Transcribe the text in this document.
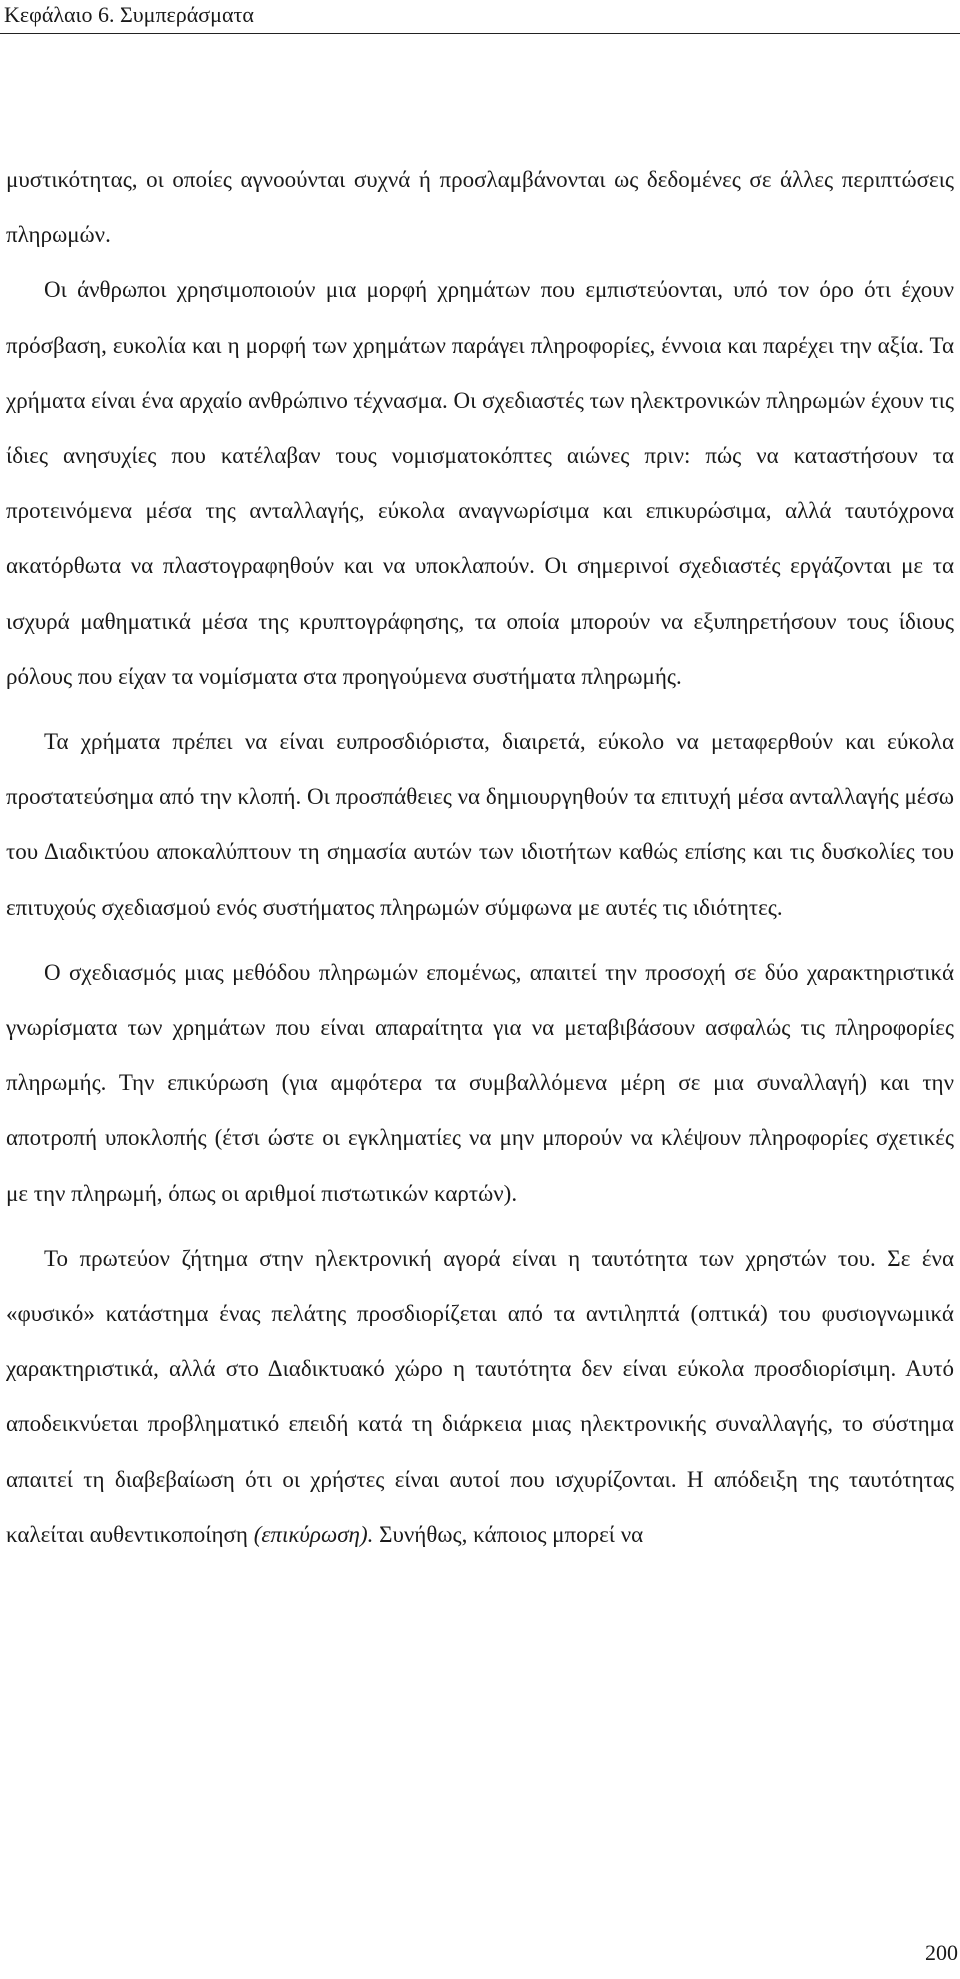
Κεφάλαιο 6. Συμπεράσματα

μυστικότητας, οι οποίες αγνοούνται συχνά ή προσλαμβάνονται ως δεδομένες σε άλλες περιπτώσεις πληρωμών.

Οι άνθρωποι χρησιμοποιούν μια μορφή χρημάτων που εμπιστεύονται, υπό τον όρο ότι έχουν πρόσβαση, ευκολία και η μορφή των χρημάτων παράγει πληροφορίες, έννοια και παρέχει την αξία. Τα χρήματα είναι ένα αρχαίο ανθρώπινο τέχνασμα. Οι σχεδιαστές των ηλεκτρονικών πληρωμών έχουν τις ίδιες ανησυχίες που κατέλαβαν τους νομισματοκόπτες αιώνες πριν: πώς να καταστήσουν τα προτεινόμενα μέσα της ανταλλαγής, εύκολα αναγνωρίσιμα και επικυρώσιμα, αλλά ταυτόχρονα ακατόρθωτα να πλαστογραφηθούν και να υποκλαπούν. Οι σημερινοί σχεδιαστές εργάζονται με τα ισχυρά μαθηματικά μέσα της κρυπτογράφησης, τα οποία μπορούν να εξυπηρετήσουν τους ίδιους ρόλους που είχαν τα νομίσματα στα προηγούμενα συστήματα πληρωμής.

Τα χρήματα πρέπει να είναι ευπροσδιόριστα, διαιρετά, εύκολο να μεταφερθούν και εύκολα προστατεύσημα από την κλοπή. Οι προσπάθειες να δημιουργηθούν τα επιτυχή μέσα ανταλλαγής μέσω του Διαδικτύου αποκαλύπτουν τη σημασία αυτών των ιδιοτήτων καθώς επίσης και τις δυσκολίες του επιτυχούς σχεδιασμού ενός συστήματος πληρωμών σύμφωνα με αυτές τις ιδιότητες.

Ο σχεδιασμός μιας μεθόδου πληρωμών επομένως, απαιτεί την προσοχή σε δύο χαρακτηριστικά γνωρίσματα των χρημάτων που είναι απαραίτητα για να μεταβιβάσουν ασφαλώς τις πληροφορίες πληρωμής. Την επικύρωση (για αμφότερα τα συμβαλλόμενα μέρη σε μια συναλλαγή) και την αποτροπή υποκλοπής (έτσι ώστε οι εγκληματίες να μην μπορούν να κλέψουν πληροφορίες σχετικές με την πληρωμή, όπως οι αριθμοί πιστωτικών καρτών).

Το πρωτεύον ζήτημα στην ηλεκτρονική αγορά είναι η ταυτότητα των χρηστών του. Σε ένα «φυσικό» κατάστημα ένας πελάτης προσδιορίζεται από τα αντιληπτά (οπτικά) του φυσιογνωμικά χαρακτηριστικά, αλλά στο Διαδικτυακό χώρο η ταυτότητα δεν είναι εύκολα προσδιορίσιμη. Αυτό αποδεικνύεται προβληματικό επειδή κατά τη διάρκεια μιας ηλεκτρονικής συναλλαγής, το σύστημα απαιτεί τη διαβεβαίωση ότι οι χρήστες είναι αυτοί που ισχυρίζονται. Η απόδειξη της ταυτότητας καλείται αυθεντικοποίηση (επικύρωση). Συνήθως, κάποιος μπορεί να

200
